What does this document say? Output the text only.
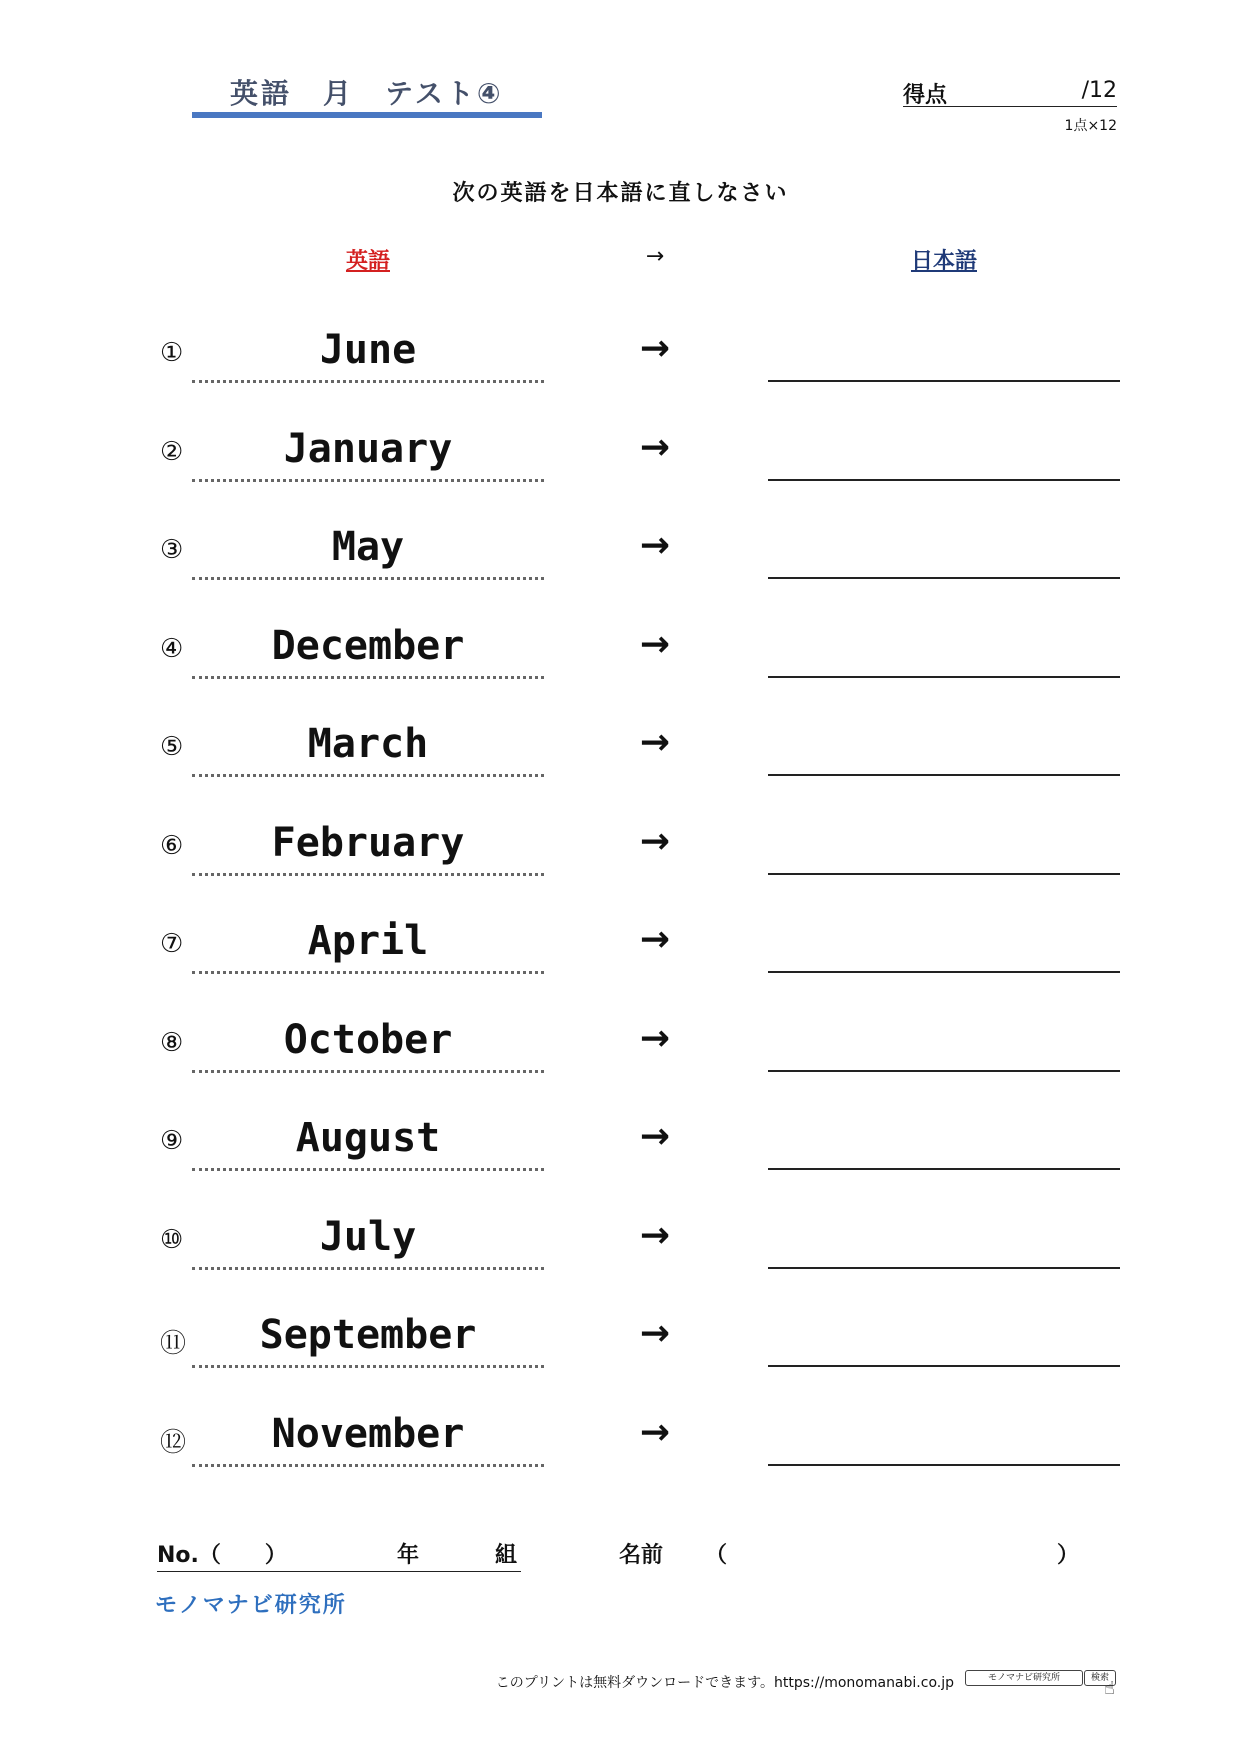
英語　月　テスト④	得点	/12
1点×12
次の英語を日本語に直しなさい
英語	→	日本語
①	June	→
②	January	→
③	May	→
④	December	→
⑤	March	→
⑥	February	→
⑦	April	→
⑧	October	→
⑨	August	→
⑩	July	→
⑪	September	→
⑫	November	→
No.（　　）	年	組	名前 （	）
モノマナビ研究所
このプリントは無料ダウンロードできます。https://monomanabi.co.jp	モノマナビ研究所	検索
☝
